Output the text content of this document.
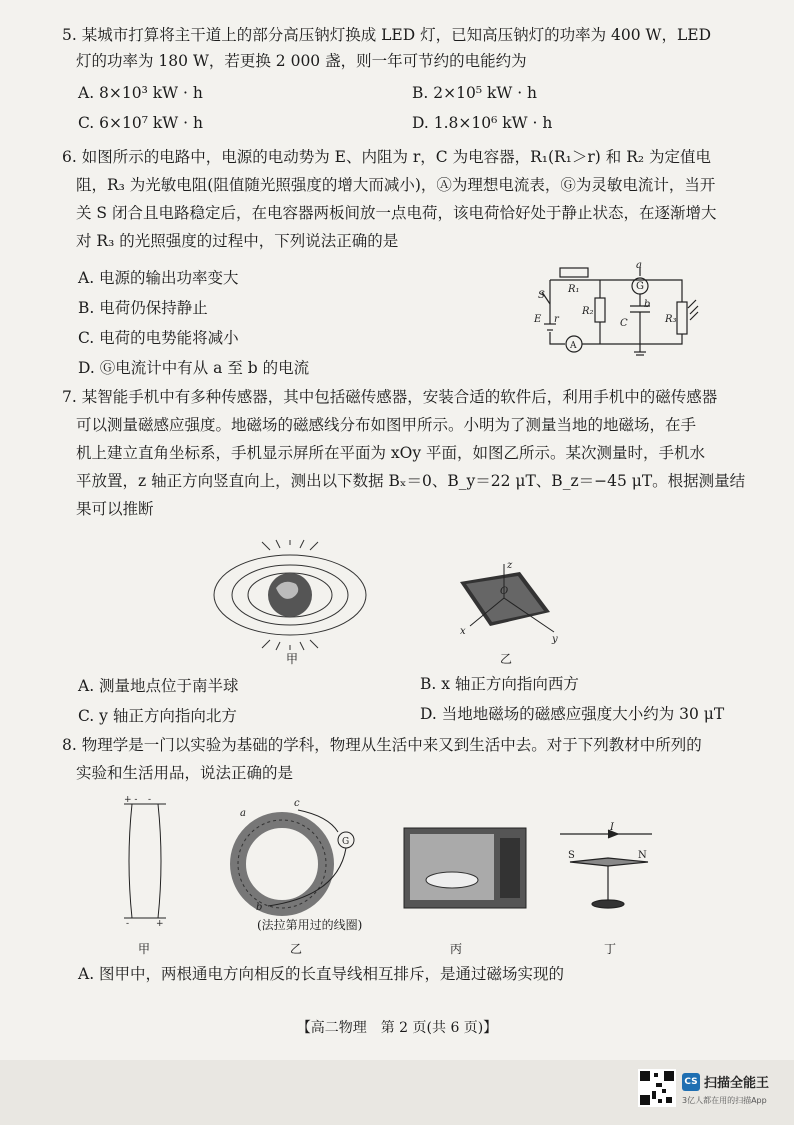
5. 某城市打算将主干道上的部分高压钠灯换成 LED 灯，已知高压钠灯的功率为 400 W，LED
灯的功率为 180 W，若更换 2 000 盏，则一年可节约的电能约为
A. 8×10³ kW · h	B. 2×10⁵ kW · h
C. 6×10⁷ kW · h	D. 1.8×10⁶ kW · h
6. 如图所示的电路中，电源的电动势为 E、内阻为 r，C 为电容器，R₁(R₁＞r) 和 R₂ 为定值电
阻，R₃ 为光敏电阻(阻值随光照强度的增大而减小)，Ⓐ为理想电流表，Ⓖ为灵敏电流计，当开
关 S 闭合且电路稳定后，在电容器两板间放一点电荷，该电荷恰好处于静止状态，在逐渐增大
对 R₃ 的光照强度的过程中，下列说法正确的是
A. 电源的输出功率变大
B. 电荷仍保持静止
C. 电荷的电势能将减小
D. Ⓖ电流计中有从 a 至 b 的电流
S
R₁
R₂
a
G
b
C	R₃
E r
A
7. 某智能手机中有多种传感器，其中包括磁传感器，安装合适的软件后，利用手机中的磁传感器
可以测量磁感应强度。地磁场的磁感线分布如图甲所示。小明为了测量当地的地磁场，在手
机上建立直角坐标系，手机显示屏所在平面为 xOy 平面，如图乙所示。某次测量时，手机水
平放置，z 轴正方向竖直向上，测出以下数据 Bₓ＝0、B_y＝22 μT、B_z＝−45 μT。根据测量结
果可以推断
甲
z
O
x
y
乙
A. 测量地点位于南半球	B. x 轴正方向指向西方
C. y 轴正方向指向北方	D. 当地地磁场的磁感应强度大小约为 30 μT
8. 物理学是一门以实验为基础的学科，物理从生活中来又到生活中去。对于下列教材中所列的
实验和生活用品，说法正确的是
+ - -
-	+
a
c
b
G
(法拉第用过的线圈)
I
S	N
甲	乙	丙	丁
A. 图甲中，两根通电方向相反的长直导线相互排斥，是通过磁场实现的
【高二物理　第 2 页(共 6 页)】
CS 扫描全能王
3亿人都在用的扫描App
